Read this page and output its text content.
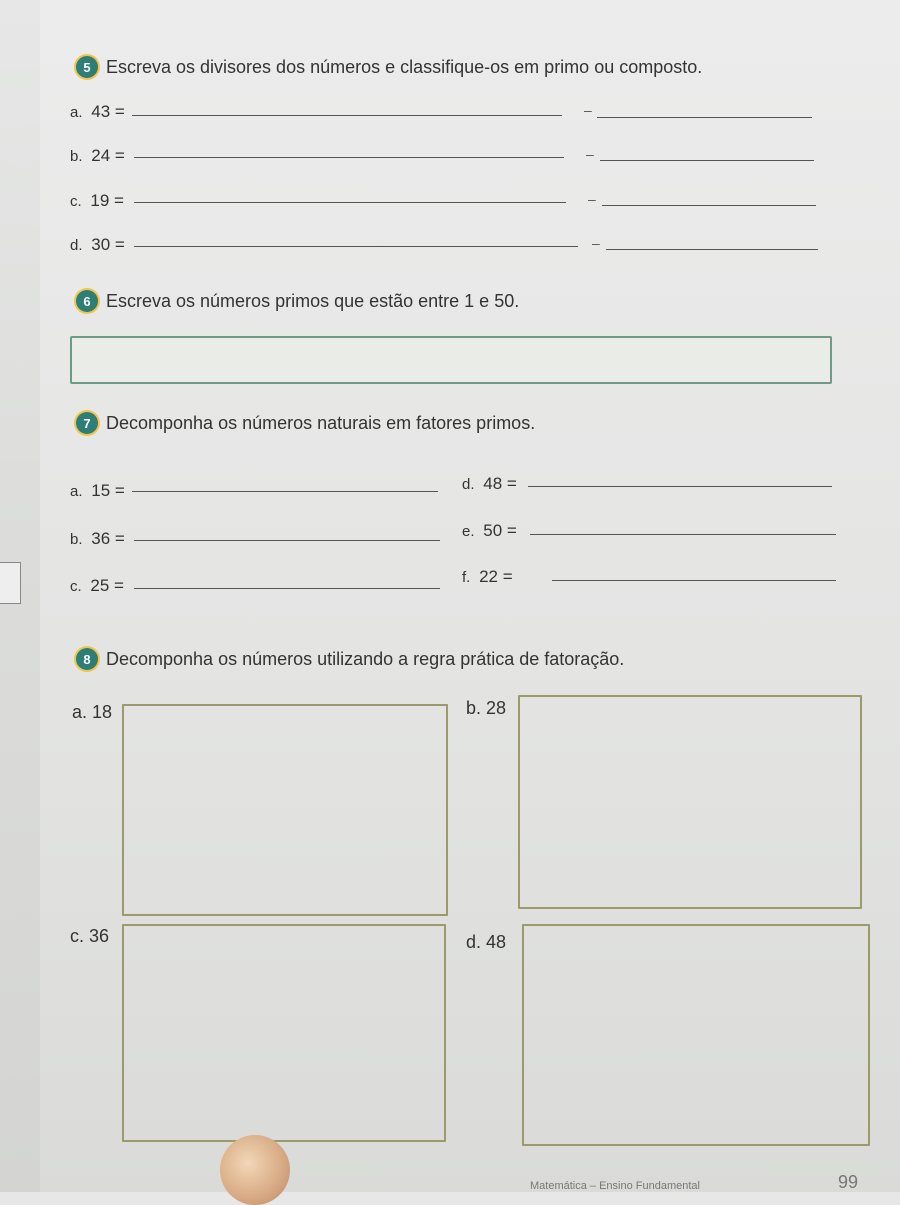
5 Escreva os divisores dos números e classifique-os em primo ou composto.
a. 43 =	–
b. 24 =	–
c. 19 =	–
d. 30 =	–
6 Escreva os números primos que estão entre 1 e 50.
7 Decomponha os números naturais em fatores primos.
a. 15 =
b. 36 =
c. 25 =
d. 48 =
e. 50 =
f. 22 =
8 Decomponha os números utilizando a regra prática de fatoração.
a. 18	b. 28
c. 36	d. 48
Matemática – Ensino Fundamental	99
